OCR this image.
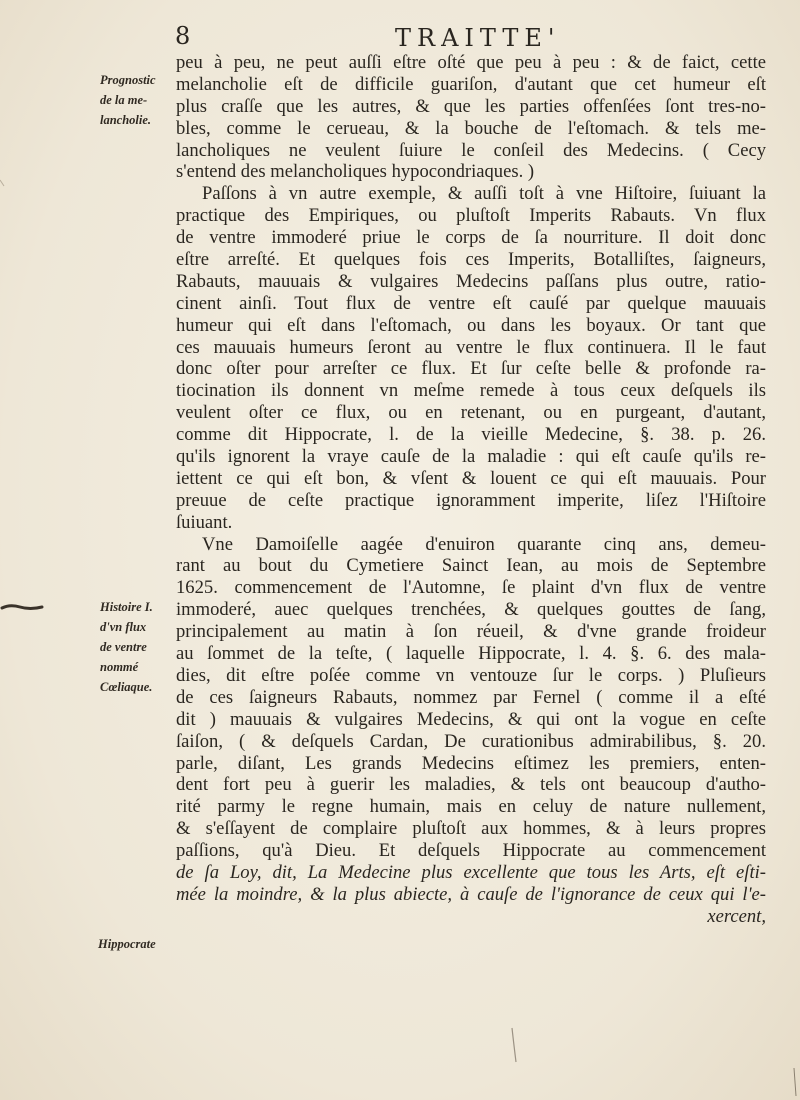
8	TRAITTE'
Prognostic
de la me-
lancholie.
Histoire I.
d'vn flux
de ventre
nommé
Cœliaque.
Hippocrate
peu à peu, ne peut auſſi eſtre oſté que peu à peu : & de faict, cette
melancholie eſt de difficile guariſon, d'autant que cet humeur eſt
plus craſſe que les autres, & que les parties offenſées ſont tres-no-
bles, comme le cerueau, & la bouche de l'eſtomach. & tels me-
lancholiques ne veulent ſuiure le conſeil des Medecins. ( Cecy
s'entend des melancholiques hypocondriaques. )
Paſſons à vn autre exemple, & auſſi toſt à vne Hiſtoire, ſuiuant la
practique des Empiriques, ou pluſtoſt Imperits Rabauts. Vn flux
de ventre immoderé priue le corps de ſa nourriture. Il doit donc
eſtre arreſté. Et quelques fois ces Imperits, Botalliſtes, ſaigneurs,
Rabauts, mauuais & vulgaires Medecins paſſans plus outre, ratio-
cinent ainſi. Tout flux de ventre eſt cauſé par quelque mauuais
humeur qui eſt dans l'eſtomach, ou dans les boyaux. Or tant que
ces mauuais humeurs ſeront au ventre le flux continuera. Il le faut
donc oſter pour arreſter ce flux. Et ſur ceſte belle & profonde ra-
tiocination ils donnent vn meſme remede à tous ceux deſquels ils
veulent oſter ce flux, ou en retenant, ou en purgeant, d'autant,
comme dit Hippocrate, l. de la vieille Medecine, §. 38. p. 26.
qu'ils ignorent la vraye cauſe de la maladie : qui eſt cauſe qu'ils re-
iettent ce qui eſt bon, & vſent & louent ce qui eſt mauuais. Pour
preuue de ceſte practique ignoramment imperite, liſez l'Hiſtoire
ſuiuant.
Vne Damoiſelle aagée d'enuiron quarante cinq ans, demeu-
rant au bout du Cymetiere Sainct Iean, au mois de Septembre
1625. commencement de l'Automne, ſe plaint d'vn flux de ventre
immoderé, auec quelques trenchées, & quelques gouttes de ſang,
principalement au matin à ſon réueil, & d'vne grande froideur
au ſommet de la teſte, ( laquelle Hippocrate, l. 4. §. 6. des mala-
dies, dit eſtre poſée comme vn ventouze ſur le corps. ) Pluſieurs
de ces ſaigneurs Rabauts, nommez par Fernel ( comme il a eſté
dit ) mauuais & vulgaires Medecins, & qui ont la vogue en ceſte
ſaiſon, ( & deſquels Cardan, De curationibus admirabilibus, §. 20.
parle, diſant, Les grands Medecins eſtimez les premiers, enten-
dent fort peu à guerir les maladies, & tels ont beaucoup d'autho-
rité parmy le regne humain, mais en celuy de nature nullement,
& s'eſſayent de complaire pluſtoſt aux hommes, & à leurs propres
paſſions, qu'à Dieu. Et deſquels Hippocrate au commencement
de ſa Loy, dit, La Medecine plus excellente que tous les Arts, eſt eſti-
mée la moindre, & la plus abiecte, à cauſe de l'ignorance de ceux qui l'e-
xercent,
